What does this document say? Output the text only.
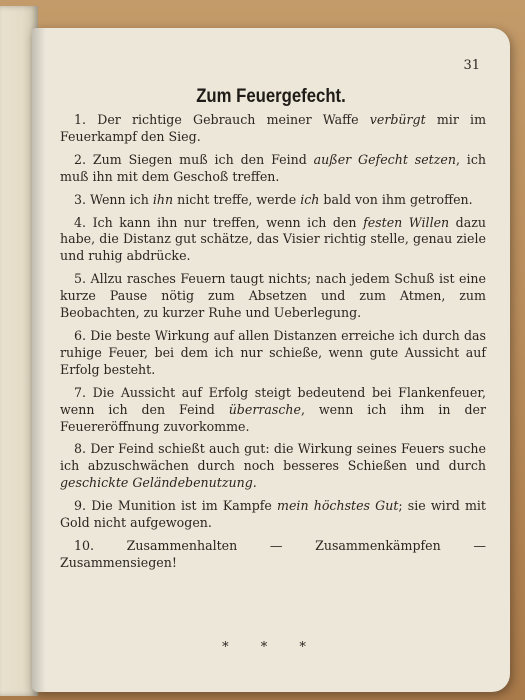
31
Zum Feuergefecht.

1. Der richtige Gebrauch meiner Waffe verbürgt mir im Feuerkampf den Sieg.

2. Zum Siegen muß ich den Feind außer Gefecht setzen, ich muß ihn mit dem Geschoß treffen.

3. Wenn ich ihn nicht treffe, werde ich bald von ihm getroffen.

4. Ich kann ihn nur treffen, wenn ich den festen Willen dazu habe, die Distanz gut schätze, das Visier richtig stelle, genau ziele und ruhig abdrücke.

5. Allzu rasches Feuern taugt nichts; nach jedem Schuß ist eine kurze Pause nötig zum Absetzen und zum Atmen, zum Beobachten, zu kurzer Ruhe und Ueberlegung.

6. Die beste Wirkung auf allen Distanzen erreiche ich durch das ruhige Feuer, bei dem ich nur schieße, wenn gute Aussicht auf Erfolg besteht.

7. Die Aussicht auf Erfolg steigt bedeutend bei Flankenfeuer, wenn ich den Feind überrasche, wenn ich ihm in der Feuereröffnung zuvorkomme.

8. Der Feind schießt auch gut: die Wirkung seines Feuers suche ich abzuschwächen durch noch besseres Schießen und durch geschickte Geländebenutzung.

9. Die Munition ist im Kampfe mein höchstes Gut; sie wird mit Gold nicht aufgewogen.

10.	Zusammenhalten — Zusammenkämpfen — Zusammensiegen!

* * *
